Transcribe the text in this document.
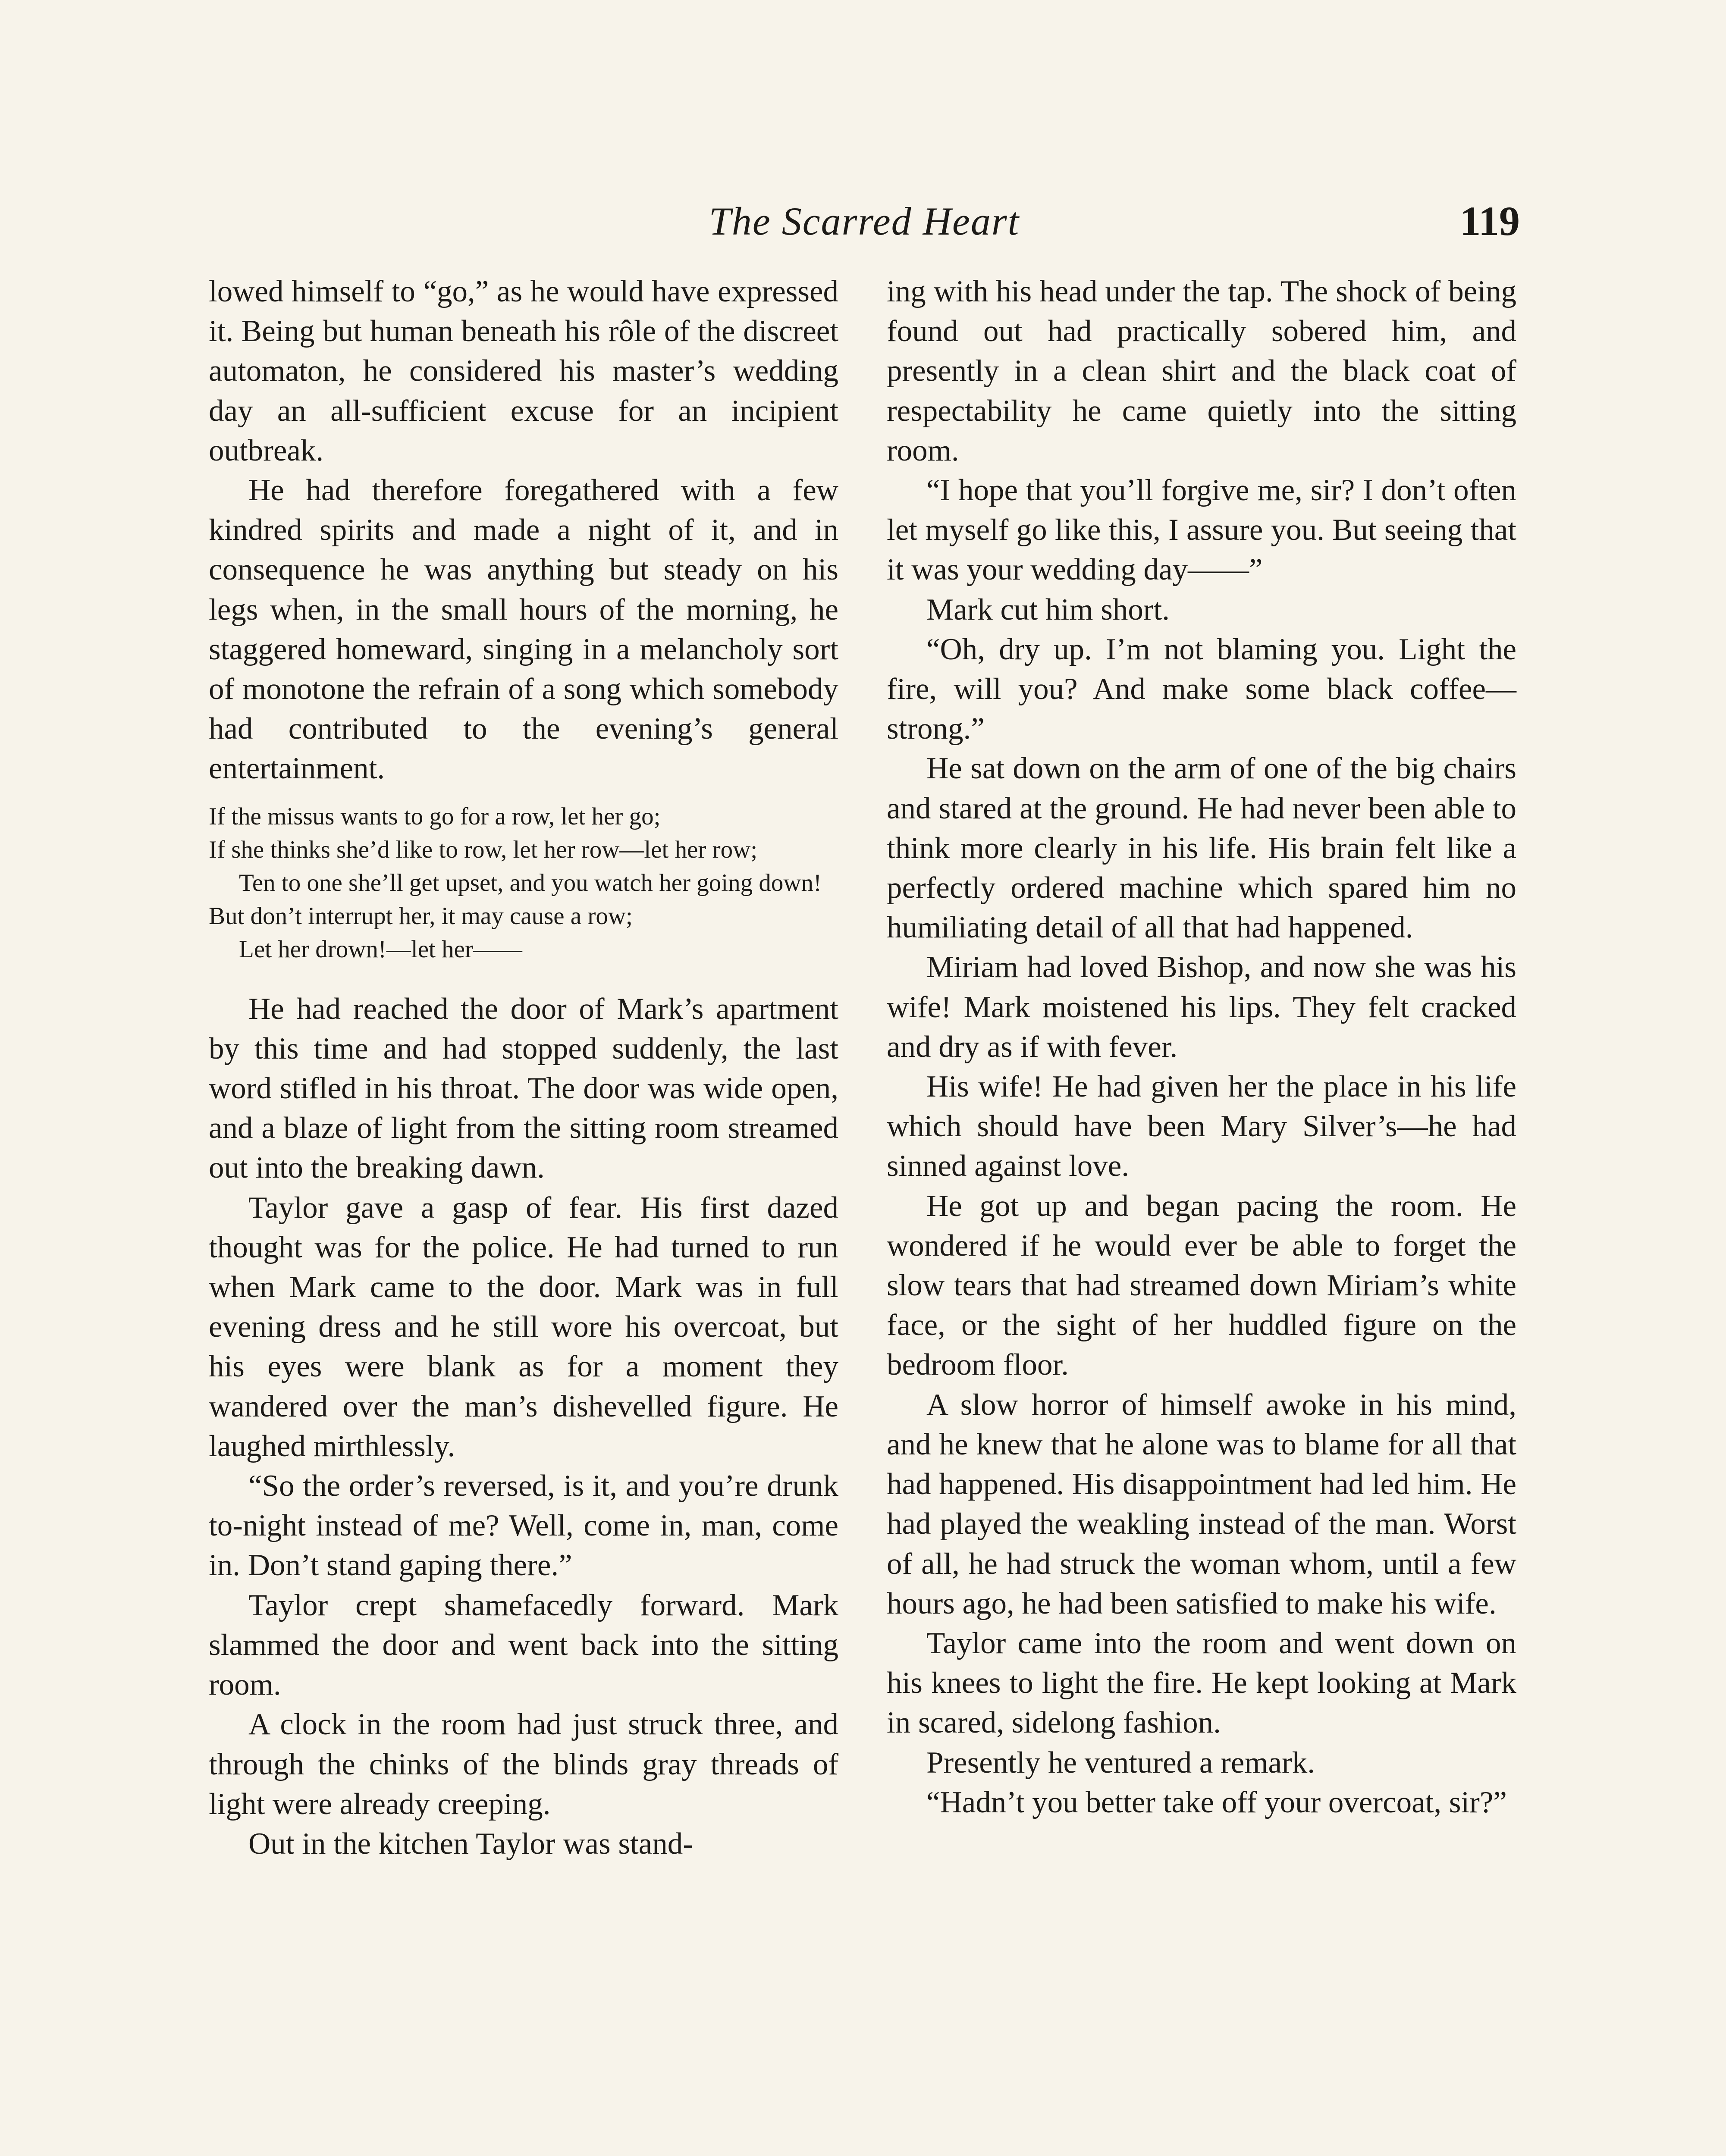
The Scarred Heart	119

lowed himself to “go,” as he would have expressed it. Being but human beneath his rôle of the discreet automaton, he considered his master’s wedding day an all-sufficient excuse for an incipient outbreak.

He had therefore foregathered with a few kindred spirits and made a night of it, and in consequence he was anything but steady on his legs when, in the small hours of the morning, he staggered homeward, singing in a melancholy sort of monotone the refrain of a song which somebody had contributed to the evening’s general entertainment.

If the missus wants to go for a row, let her go;

If she thinks she’d like to row, let her row—let her row;

Ten to one she’ll get upset, and you watch her going down!

But don’t interrupt her, it may cause a row;

Let her drown!—let her——

He had reached the door of Mark’s apartment by this time and had stopped suddenly, the last word stifled in his throat. The door was wide open, and a blaze of light from the sitting room streamed out into the breaking dawn.

Taylor gave a gasp of fear. His first dazed thought was for the police. He had turned to run when Mark came to the door. Mark was in full evening dress and he still wore his overcoat, but his eyes were blank as for a moment they wandered over the man’s dishevelled figure. He laughed mirthlessly.

“So the order’s reversed, is it, and you’re drunk to-night instead of me? Well, come in, man, come in. Don’t stand gaping there.”

Taylor crept shamefacedly forward. Mark slammed the door and went back into the sitting room.

A clock in the room had just struck three, and through the chinks of the blinds gray threads of light were already creeping.

Out in the kitchen Taylor was stand-

ing with his head under the tap. The shock of being found out had practically sobered him, and presently in a clean shirt and the black coat of respectability he came quietly into the sitting room.

“I hope that you’ll forgive me, sir? I don’t often let myself go like this, I assure you. But seeing that it was your wedding day——”

Mark cut him short.

“Oh, dry up. I’m not blaming you. Light the fire, will you? And make some black coffee—strong.”

He sat down on the arm of one of the big chairs and stared at the ground. He had never been able to think more clearly in his life. His brain felt like a perfectly ordered machine which spared him no humiliating detail of all that had happened.

Miriam had loved Bishop, and now she was his wife! Mark moistened his lips. They felt cracked and dry as if with fever.

His wife! He had given her the place in his life which should have been Mary Silver’s—he had sinned against love.

He got up and began pacing the room. He wondered if he would ever be able to forget the slow tears that had streamed down Miriam’s white face, or the sight of her huddled figure on the bedroom floor.

A slow horror of himself awoke in his mind, and he knew that he alone was to blame for all that had happened. His disappointment had led him. He had played the weakling instead of the man. Worst of all, he had struck the woman whom, until a few hours ago, he had been satisfied to make his wife.

Taylor came into the room and went down on his knees to light the fire. He kept looking at Mark in scared, sidelong fashion.

Presently he ventured a remark.

“Hadn’t you better take off your overcoat, sir?”
